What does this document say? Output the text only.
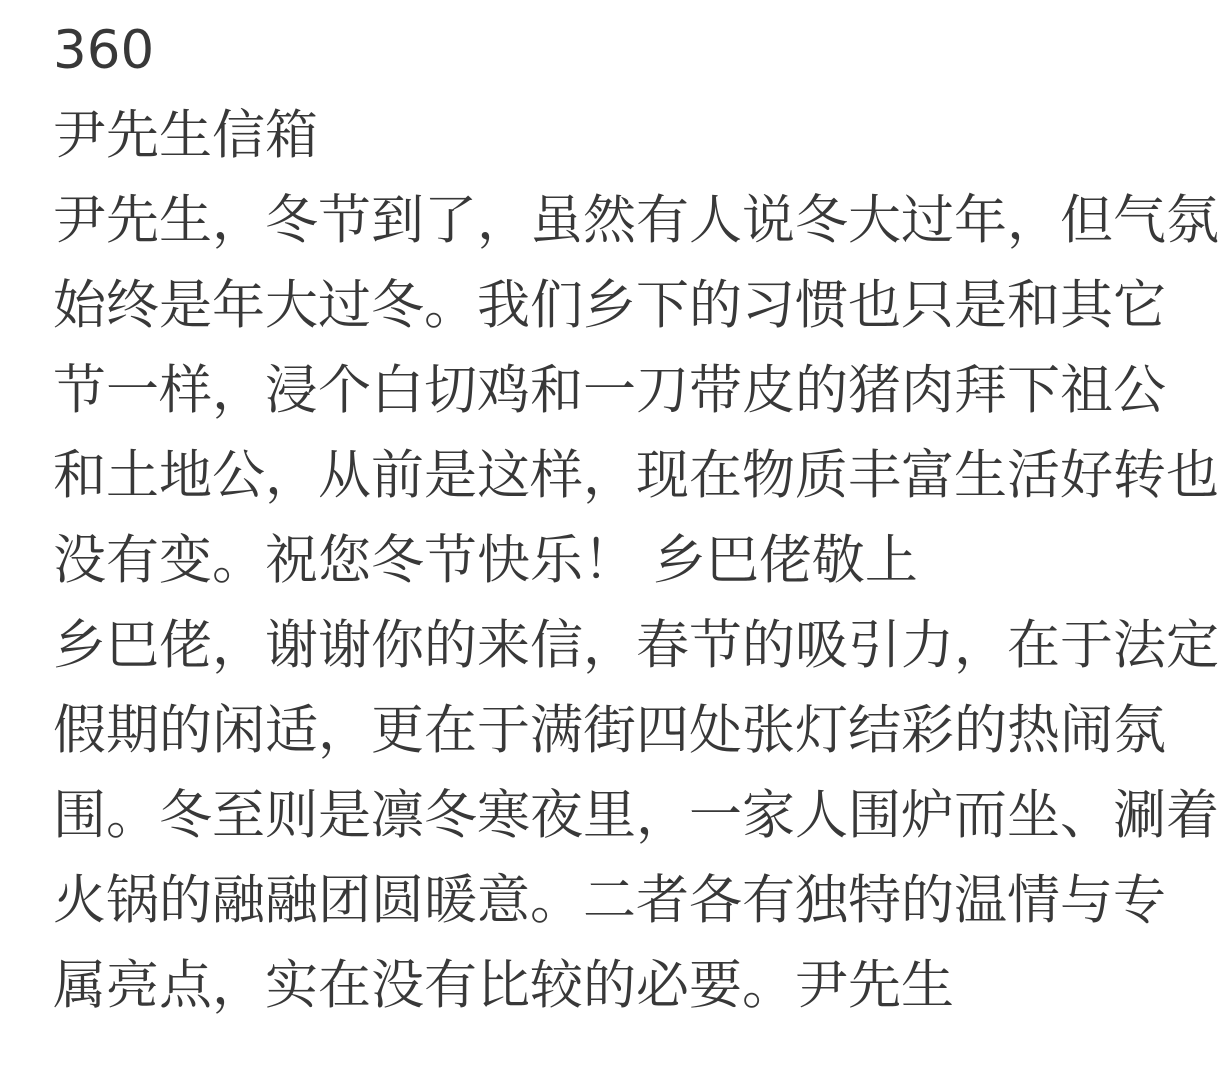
360
尹先生信箱
尹先生，冬节到了，虽然有人说冬大过年，但气氛
始终是年大过冬。我们乡下的习惯也只是和其它
节一样，浸个白切鸡和一刀带皮的猪肉拜下祖公
和土地公，从前是这样，现在物质丰富生活好转也
没有变。祝您冬节快乐！ 乡巴佬敬上
乡巴佬，谢谢你的来信，春节的吸引力，在于法定
假期的闲适，更在于满街四处张灯结彩的热闹氛
围。冬至则是凛冬寒夜里，一家人围炉而坐、涮着
火锅的融融团圆暖意。二者各有独特的温情与专
属亮点，实在没有比较的必要。尹先生
